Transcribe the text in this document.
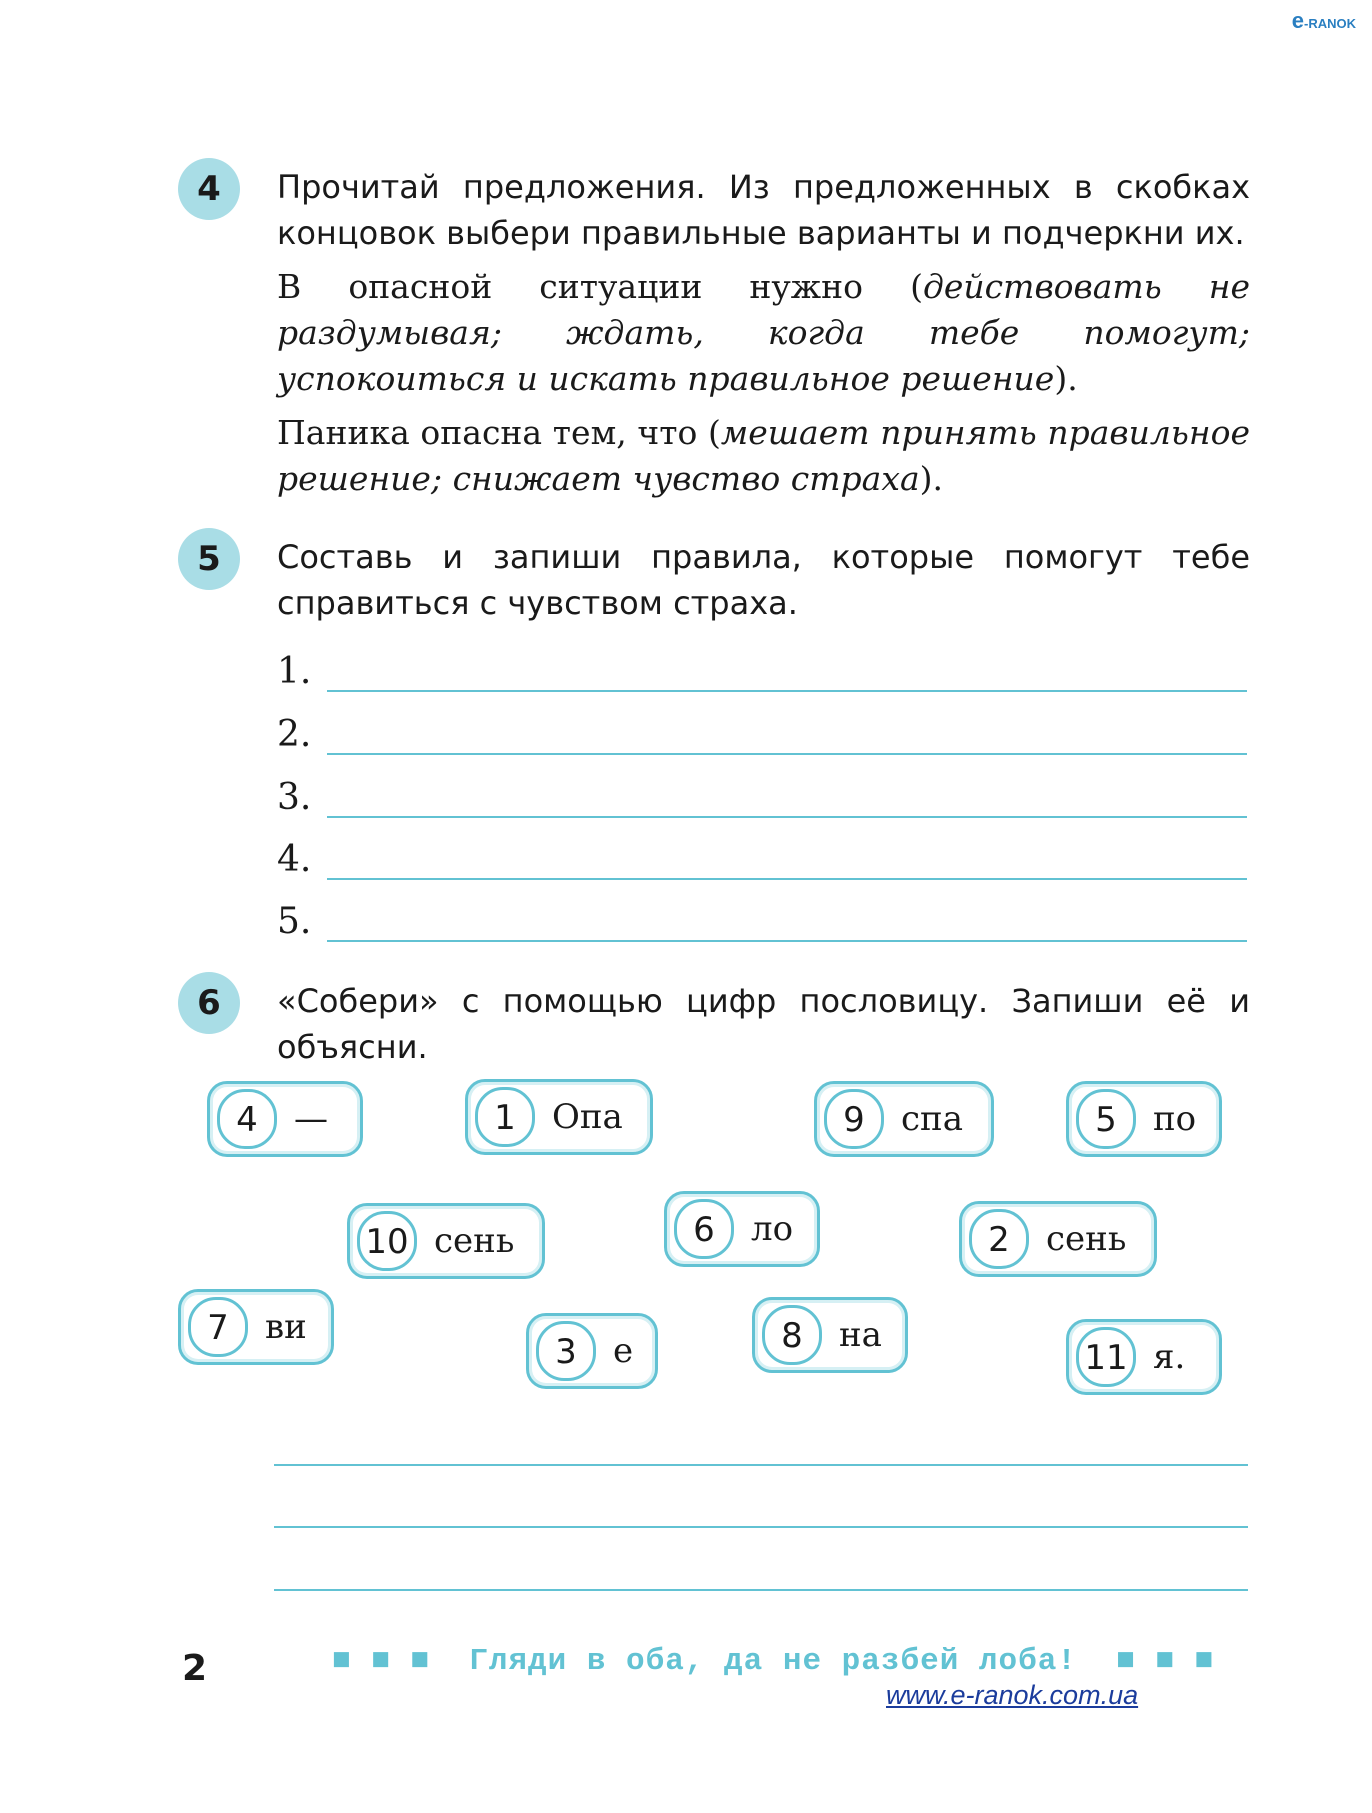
e-RANOK
4	Прочитай предложения. Из предложенных в скобках концовок выбери правильные варианты и подчеркни их.
В опасной ситуации нужно (действовать не раздумывая; ждать, когда тебе помогут; успокоиться и искать правильное решение).
Паника опасна тем, что (мешает принять правильное решение; снижает чувство страха).
5	Составь и запиши правила, которые помогут тебе справиться с чувством страха.
1.
2.
3.
4.
5.
6	«Собери» с помощью цифр пословицу. Запиши её и объясни.
4	—	1	Опа	9	спа	5	по
10 сень	6	ло	2	сень
7	ви
3	е	8	на
11 я.
2	■ ■ ■  Гляди в оба, да не разбей лоба!  ■ ■ ■
www.e-ranok.com.ua
